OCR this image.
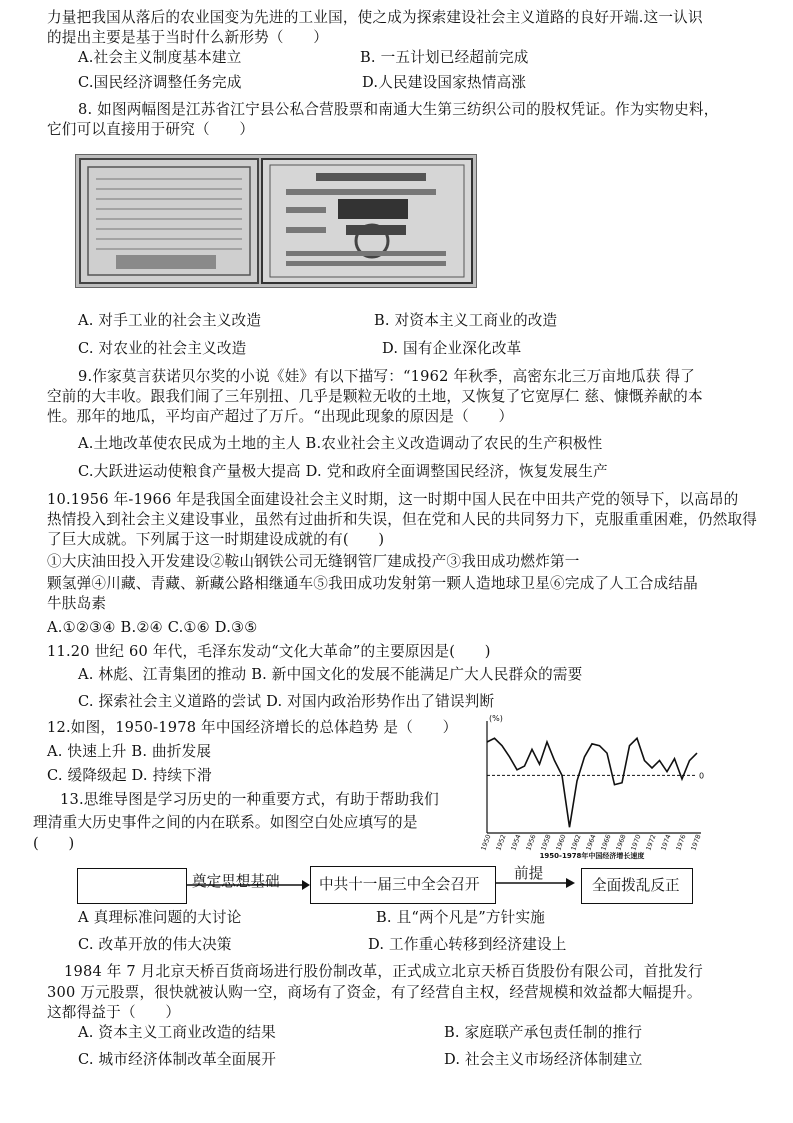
力量把我国从落后的农业国变为先进的工业国，使之成为探索建设社会主义道路的良好开端.这一认识
的提出主要是基于当时什么新形势（　　）
A.社会主义制度基本建立	B. 一五计划已经超前完成
C.国民经济调整任务完成	D.人民建设国家热情高涨
8. 如图两幅图是江苏省江宁县公私合营股票和南通大生第三纺织公司的股权凭证。作为实物史料，
它们可以直接用于研究（　　）
A. 对手工业的社会主义改造	B. 对资本主义工商业的改造
C. 对农业的社会主义改造	D. 国有企业深化改革
9.作家莫言获诺贝尔奖的小说《娃》有以下描写：“1962 年秋季，高密东北三万亩地瓜获 得了
空前的大丰收。跟我们闹了三年别扭、几乎是颗粒无收的土地，又恢复了它宽厚仁 慈、慷慨养献的本
性。那年的地瓜，平均亩产超过了万斤。“出现此现象的原因是（　　）
A.土地改革使农民成为土地的主人 B.农业社会主义改造调动了农民的生产积极性
C.大跃进运动使粮食产量极大提高 D. 党和政府全面调整国民经济，恢复发展生产
10.1956 年-1966 年是我国全面建设社会主义时期，这一时期中国人民在中田共产党的领导下，以高昂的
热情投入到社会主义建设事业，虽然有过曲折和失误，但在党和人民的共同努力下，克服重重困难，仍然取得
了巨大成就。下列属于这一时期建设成就的有(　　)
①大庆油田投入开发建设②鞍山钢铁公司无缝钢管厂建成投产③我田成功燃炸第一
颗氢弹④川藏、青藏、新藏公路相继通车⑤我田成功发射第一颗人造地球卫星⑥完成了人工合成结晶
牛肤岛素
A.①②③④ B.②④ C.①⑥ D.③⑤
11.20 世纪 60 年代，毛泽东发动“文化大革命”的主要原因是(　　)
A. 林彪、江青集团的推动 B. 新中国文化的发展不能满足广大人民群众的需要
C. 探索社会主义道路的尝试 D. 对国内政治形势作出了错误判断
12.如图，1950-1978 年中国经济增长的总体趋势 是（　　）
A. 快速上升 B. 曲折发展
C. 缓降级起 D. 持续下滑
(%)
0
1950 1952 1954 1956 1958 1960 1962 1964 1966 1968 1970 1972 1974 1976 1978
1950-1978年中国经济增长速度
13.思维导图是学习历史的一种重要方式，有助于帮助我们
理清重大历史事件之间的内在联系。如图空白处应填写的是
(　　)
奠定思想基础	中共十一届三中全会召开
前提
全面拨乱反正
A 真理标准问题的大讨论	B. 且“两个凡是”方针实施
C. 改革开放的伟大决策	D. 工作重心转移到经济建设上
1984 年 7 月北京天桥百货商场进行股份制改革，正式成立北京天桥百货股份有限公司，首批发行
300 万元股票，很快就被认购一空，商场有了资金，有了经营自主权，经营规模和效益都大幅提升。
这都得益于（　　）
A. 资本主义工商业改造的结果	B. 家庭联产承包责任制的推行
C. 城市经济体制改革全面展开	D. 社会主义市场经济体制建立
